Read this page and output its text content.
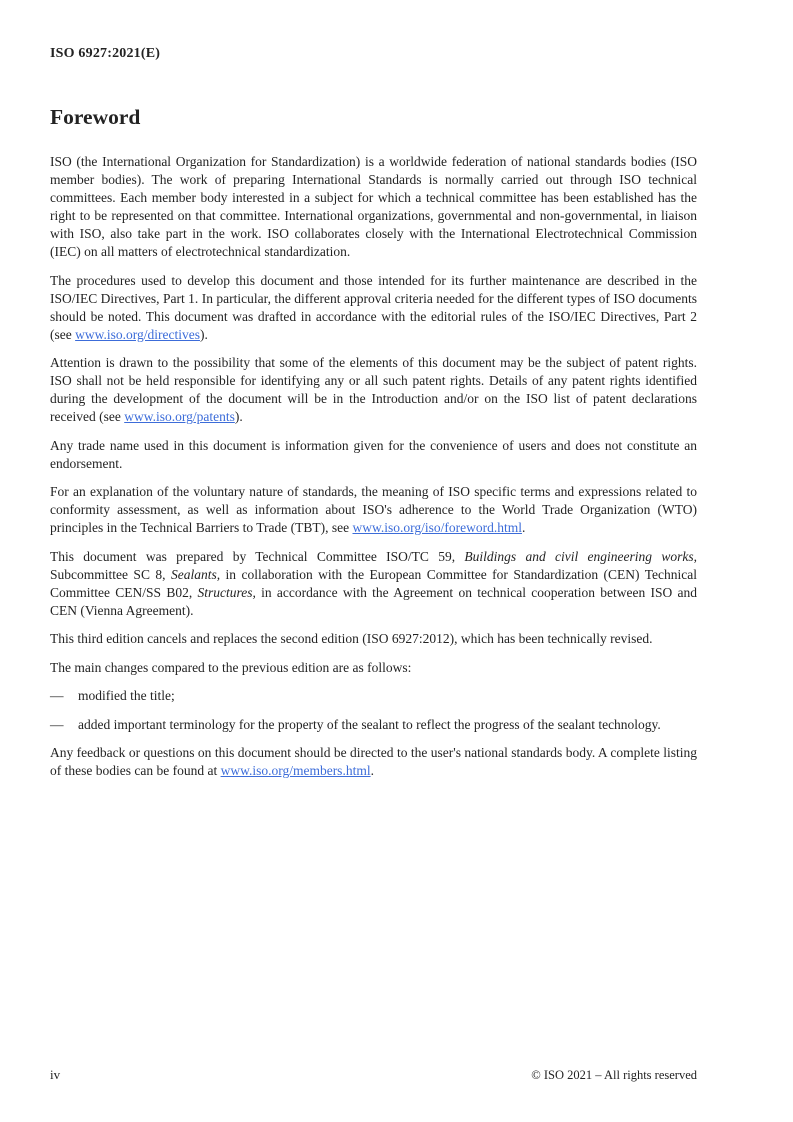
ISO 6927:2021(E)
Foreword

ISO (the International Organization for Standardization) is a worldwide federation of national standards bodies (ISO member bodies). The work of preparing International Standards is normally carried out through ISO technical committees. Each member body interested in a subject for which a technical committee has been established has the right to be represented on that committee. International organizations, governmental and non-governmental, in liaison with ISO, also take part in the work. ISO collaborates closely with the International Electrotechnical Commission (IEC) on all matters of electrotechnical standardization.

The procedures used to develop this document and those intended for its further maintenance are described in the ISO/IEC Directives, Part 1. In particular, the different approval criteria needed for the different types of ISO documents should be noted. This document was drafted in accordance with the editorial rules of the ISO/IEC Directives, Part 2 (see www.iso.org/directives).

Attention is drawn to the possibility that some of the elements of this document may be the subject of patent rights. ISO shall not be held responsible for identifying any or all such patent rights. Details of any patent rights identified during the development of the document will be in the Introduction and/or on the ISO list of patent declarations received (see www.iso.org/patents).

Any trade name used in this document is information given for the convenience of users and does not constitute an endorsement.

For an explanation of the voluntary nature of standards, the meaning of ISO specific terms and expressions related to conformity assessment, as well as information about ISO's adherence to the World Trade Organization (WTO) principles in the Technical Barriers to Trade (TBT), see www.iso.org/iso/foreword.html.

This document was prepared by Technical Committee ISO/TC 59, Buildings and civil engineering works, Subcommittee SC 8, Sealants, in collaboration with the European Committee for Standardization (CEN) Technical Committee CEN/SS B02, Structures, in accordance with the Agreement on technical cooperation between ISO and CEN (Vienna Agreement).

This third edition cancels and replaces the second edition (ISO 6927:2012), which has been technically revised.

The main changes compared to the previous edition are as follows:

—	modified the title;

—	added important terminology for the property of the sealant to reflect the progress of the sealant technology.

Any feedback or questions on this document should be directed to the user's national standards body. A complete listing of these bodies can be found at www.iso.org/members.html.

iv	© ISO 2021 – All rights reserved
